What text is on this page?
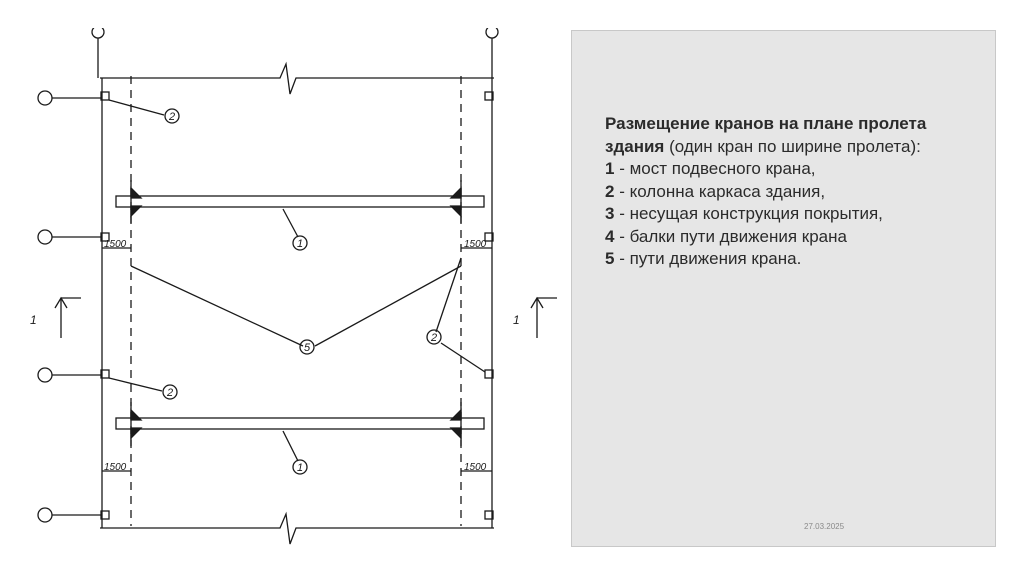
1500	1500
1500	1500
2
1
5
2
2
1
1	1
Размещение кранов на плане пролета здания (один кран по ширине пролета):
1 - мост подвесного крана,
2 - колонна каркаса здания,
3 - несущая конструкция покрытия,
4 - балки пути движения крана
5 - пути движения крана.
27.03.2025
